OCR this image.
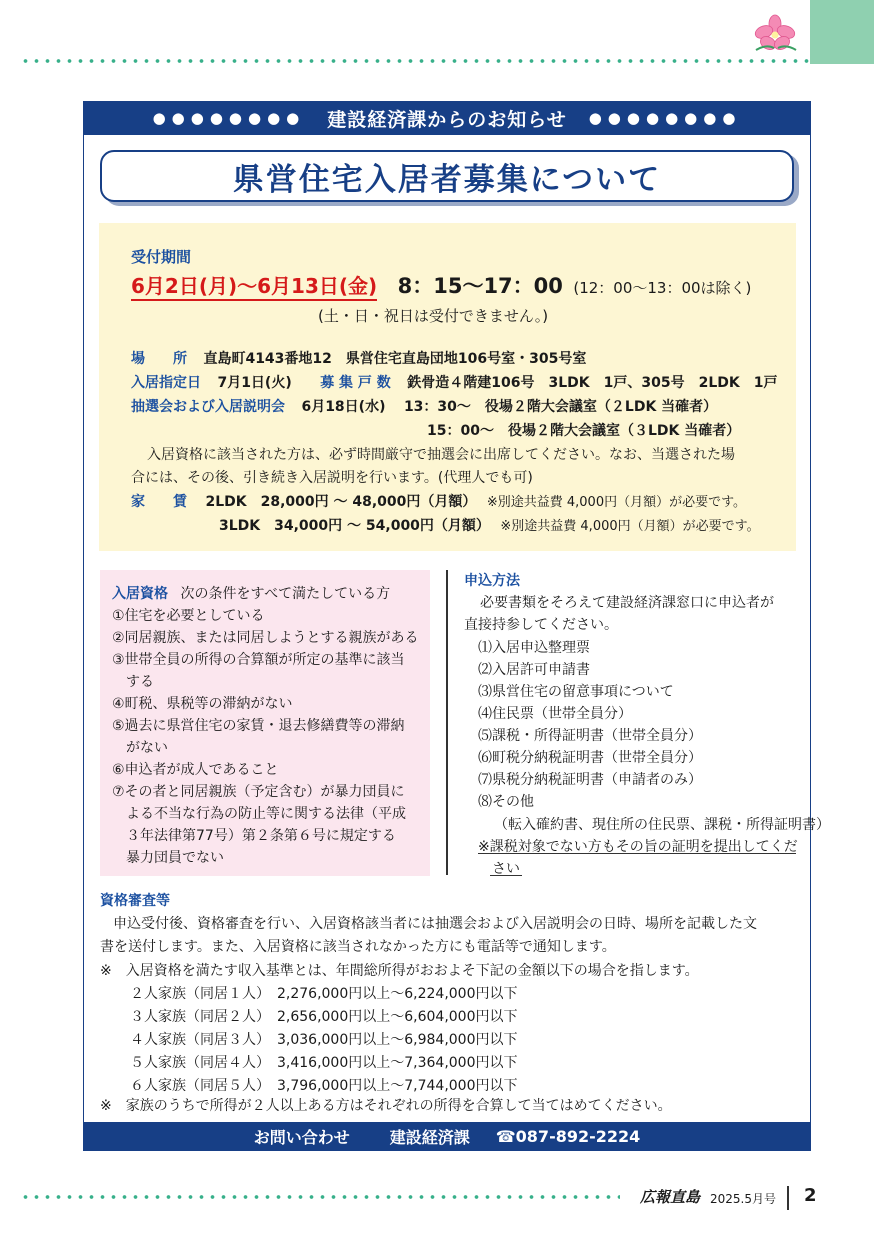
●●●●●●●● 建設経済課からのお知らせ ●●●●●●●●
県営住宅入居者募集について
受付期間
6月2日(月)～6月13日(金) 8：15～17：00 (12：00～13：00は除く)
(土・日・祝日は受付できません。)
場　　所 直島町4143番地12　県営住宅直島団地106号室・305号室
入居指定日 7月1日(火) 募 集 戸 数 鉄骨造４階建106号　3LDK　1戸、305号　2LDK　1戸
抽選会および入居説明会 6月18日(水) 13：30～　役場２階大会議室（２LDK 当確者）
15：00～　役場２階大会議室（３LDK 当確者）
入居資格に該当された方は、必ず時間厳守で抽選会に出席してください。なお、当選された場
合には、その後、引き続き入居説明を行います。(代理人でも可)
家　　賃 2LDK　28,000円 ～ 48,000円（月額） ※別途共益費 4,000円（月額）が必要です。
3LDK　34,000円 ～ 54,000円（月額） ※別途共益費 4,000円（月額）が必要です。
入居資格 次の条件をすべて満たしている方
①住宅を必要としている
②同居親族、または同居しようとする親族がある
③世帯全員の所得の合算額が所定の基準に該当
　する
④町税、県税等の滞納がない
⑤過去に県営住宅の家賃・退去修繕費等の滞納
　がない
⑥申込者が成人であること
⑦その者と同居親族（予定含む）が暴力団員に
　よる不当な行為の防止等に関する法律（平成
　３年法律第77号）第２条第６号に規定する
　暴力団員でない
申込方法
必要書類をそろえて建設経済課窓口に申込者が
直接持参してください。
⑴入居申込整理票
⑵入居許可申請書
⑶県営住宅の留意事項について
⑷住民票（世帯全員分）
⑸課税・所得証明書（世帯全員分）
⑹町税分納税証明書（世帯全員分）
⑺県税分納税証明書（申請者のみ）
⑻その他
（転入確約書、現住所の住民票、課税・所得証明書）
※課税対象でない方もその旨の証明を提出してくだ
さい
資格審査等
申込受付後、資格審査を行い、入居資格該当者には抽選会および入居説明会の日時、場所を記載した文
書を送付します。また、入居資格に該当されなかった方にも電話等で通知します。
※　入居資格を満たす収入基準とは、年間総所得がおおよそ下記の金額以下の場合を指します。
２人家族（同居１人）　2,276,000円以上～6,224,000円以下
３人家族（同居２人）　2,656,000円以上～6,604,000円以下
４人家族（同居３人）　3,036,000円以上～6,984,000円以下
５人家族（同居４人）　3,416,000円以上～7,364,000円以下
６人家族（同居５人）　3,796,000円以上～7,744,000円以下
※　家族のうちで所得が２人以上ある方はそれぞれの所得を合算して当てはめてください。
お問い合わせ	建設経済課 ☎087-892-2224
広報直島 2025.5月号 2
